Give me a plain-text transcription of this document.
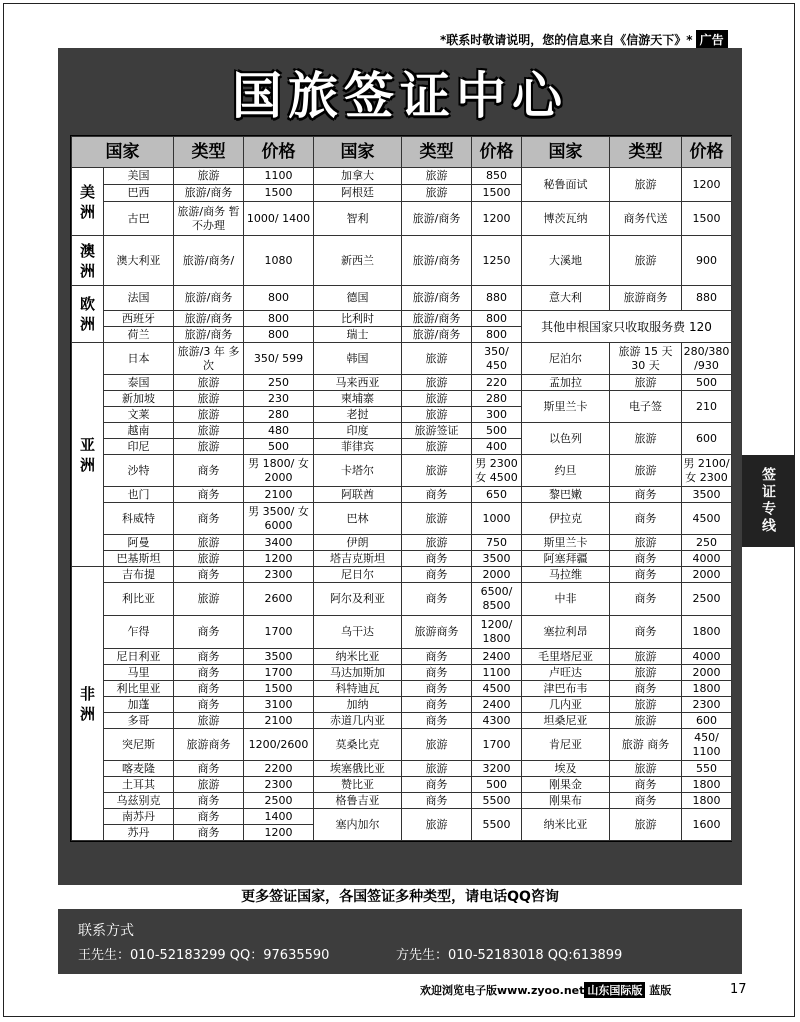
*联系时敬请说明，您的信息来自《信游天下》* 广告
国旅签证中心
国家		类型	价格	国家	类型	价格	国家	类型	价格
美洲	美国	旅游	1100	加拿大	旅游	850	秘鲁面试	旅游	1200
	巴西	旅游/商务	1500	阿根廷	旅游	1500			
	古巴	旅游/商务 暂不办理	1000/ 1400	智利	旅游/商务	1200	博茨瓦纳	商务代送	1500
澳洲	澳大利亚	旅游/商务/	1080	新西兰	旅游/商务	1250	大溪地	旅游	900
欧洲	法国	旅游/商务	800	德国	旅游/商务	880	意大利	旅游商务	880
	西班牙	旅游/商务	800	比利时	旅游/商务	800	其他申根国家只收取服务费 120		
	荷兰	旅游/商务	800	瑞士	旅游/商务	800			
亚洲	日本	旅游/3 年 多次	350/ 599	韩国	旅游	350/ 450	尼泊尔	旅游 15 天 30 天	280/380 /930
	泰国	旅游	250	马来西亚	旅游	220	孟加拉	旅游	500
	新加坡	旅游	230	柬埔寨	旅游	280	斯里兰卡	电子签	210
	文莱	旅游	280	老挝	旅游	300			
	越南	旅游	480	印度	旅游签证	500	以色列	旅游	600
	印尼	旅游	500	菲律宾	旅游	400			
	沙特	商务	男 1800/ 女 2000	卡塔尔	旅游	男 2300 女 4500	约旦	旅游	男 2100/ 女 2300
	也门	商务	2100	阿联酋	商务	650	黎巴嫩	商务	3500
	科威特	商务	男 3500/ 女 6000	巴林	旅游	1000	伊拉克	商务	4500
	阿曼	旅游	3400	伊朗	旅游	750	斯里兰卡	旅游	250
	巴基斯坦	旅游	1200	塔吉克斯坦	商务	3500	阿塞拜疆	商务	4000
非洲	吉布提	商务	2300	尼日尔	商务	2000	马拉维	商务	2000
	利比亚	旅游	2600	阿尔及利亚	商务	6500/ 8500	中非	商务	2500
	乍得	商务	1700	乌干达	旅游商务	1200/ 1800	塞拉利昂	商务	1800
	尼日利亚	商务	3500	纳米比亚	商务	2400	毛里塔尼亚	旅游	4000
	马里	商务	1700	马达加斯加	商务	1100	卢旺达	旅游	2000
	利比里亚	商务	1500	科特迪瓦	商务	4500	津巴布韦	商务	1800
	加蓬	商务	3100	加纳	商务	2400	几内亚	旅游	2300
	多哥	旅游	2100	赤道几内亚	商务	4300	坦桑尼亚	旅游	600
	突尼斯	旅游商务	1200/2600	莫桑比克	旅游	1700	肯尼亚	旅游 商务	450/ 1100
	喀麦隆	商务	2200	埃塞俄比亚	旅游	3200	埃及	旅游	550
	土耳其	旅游	2300	赞比亚	商务	500	刚果金	商务	1800
	乌兹别克	商务	2500	格鲁吉亚	商务	5500	刚果布	商务	1800
	南苏丹	商务	1400	塞内加尔	旅游	5500	纳米比亚	旅游	1600
	苏丹	商务	1200						
更多签证国家，各国签证多种类型，请电话QQ咨询
联系方式
王先生：010-52183299 QQ：97635590	方先生：010-52183018 QQ:613899
签证专线
欢迎浏览电子版www.zyoo.net 山东国际版 蓝版	17
